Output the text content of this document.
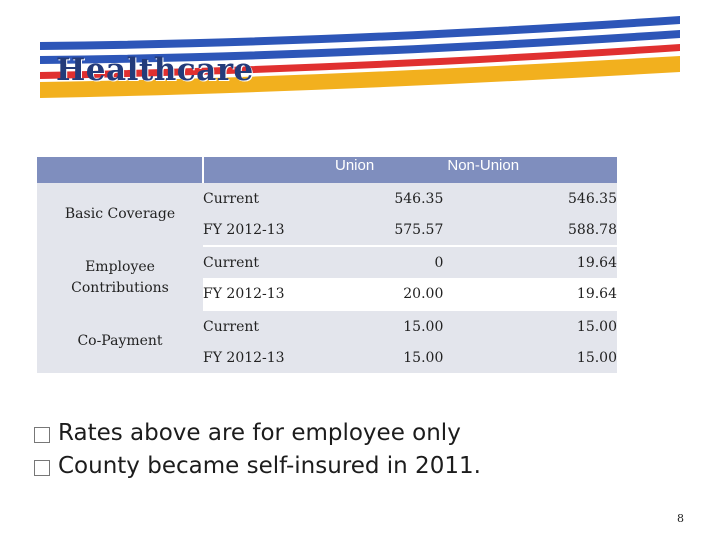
Healthcare
		Union	Non-Union
Basic Coverage	Current	546.35	546.35
	FY 2012-13	575.57	588.78
Employee Contributions	Current	0	19.64
	FY 2012-13	20.00	19.64
Co-Payment	Current	15.00	15.00
	FY 2012-13	15.00	15.00
Rates above are for employee only
County became self-insured in 2011.
8
